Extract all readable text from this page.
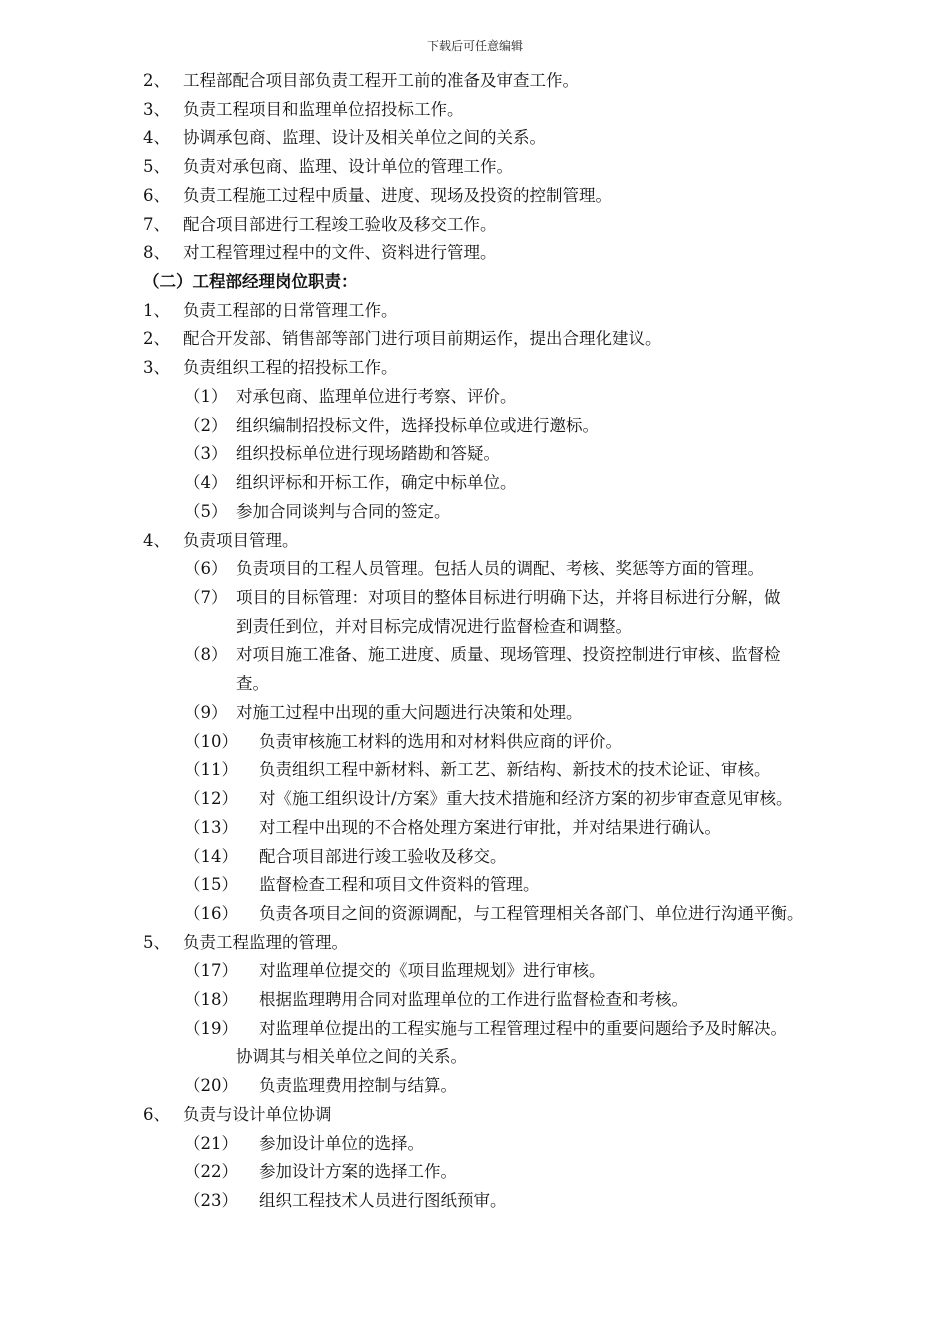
下载后可任意编辑
2、 工程部配合项目部负责工程开工前的准备及审查工作。
3、 负责工程项目和监理单位招投标工作。
4、 协调承包商、监理、设计及相关单位之间的关系。
5、 负责对承包商、监理、设计单位的管理工作。
6、 负责工程施工过程中质量、进度、现场及投资的控制管理。
7、 配合项目部进行工程竣工验收及移交工作。
8、 对工程管理过程中的文件、资料进行管理。
（二）工程部经理岗位职责：
1、 负责工程部的日常管理工作。
2、 配合开发部、销售部等部门进行项目前期运作，提出合理化建议。
3、 负责组织工程的招投标工作。
（1） 对承包商、监理单位进行考察、评价。
（2） 组织编制招投标文件，选择投标单位或进行邀标。
（3） 组织投标单位进行现场踏勘和答疑。
（4） 组织评标和开标工作，确定中标单位。
（5） 参加合同谈判与合同的签定。
4、 负责项目管理。
（6） 负责项目的工程人员管理。包括人员的调配、考核、奖惩等方面的管理。
（7） 项目的目标管理：对项目的整体目标进行明确下达，并将目标进行分解，做
到责任到位，并对目标完成情况进行监督检查和调整。
（8） 对项目施工准备、施工进度、质量、现场管理、投资控制进行审核、监督检
查。
（9） 对施工过程中出现的重大问题进行决策和处理。
（10） 负责审核施工材料的选用和对材料供应商的评价。
（11） 负责组织工程中新材料、新工艺、新结构、新技术的技术论证、审核。
（12） 对《施工组织设计/方案》重大技术措施和经济方案的初步审查意见审核。
（13） 对工程中出现的不合格处理方案进行审批，并对结果进行确认。
（14） 配合项目部进行竣工验收及移交。
（15） 监督检查工程和项目文件资料的管理。
（16） 负责各项目之间的资源调配，与工程管理相关各部门、单位进行沟通平衡。
5、 负责工程监理的管理。
（17） 对监理单位提交的《项目监理规划》进行审核。
（18） 根据监理聘用合同对监理单位的工作进行监督检查和考核。
（19） 对监理单位提出的工程实施与工程管理过程中的重要问题给予及时解决。
协调其与相关单位之间的关系。
（20） 负责监理费用控制与结算。
6、 负责与设计单位协调
（21） 参加设计单位的选择。
（22） 参加设计方案的选择工作。
（23） 组织工程技术人员进行图纸预审。
